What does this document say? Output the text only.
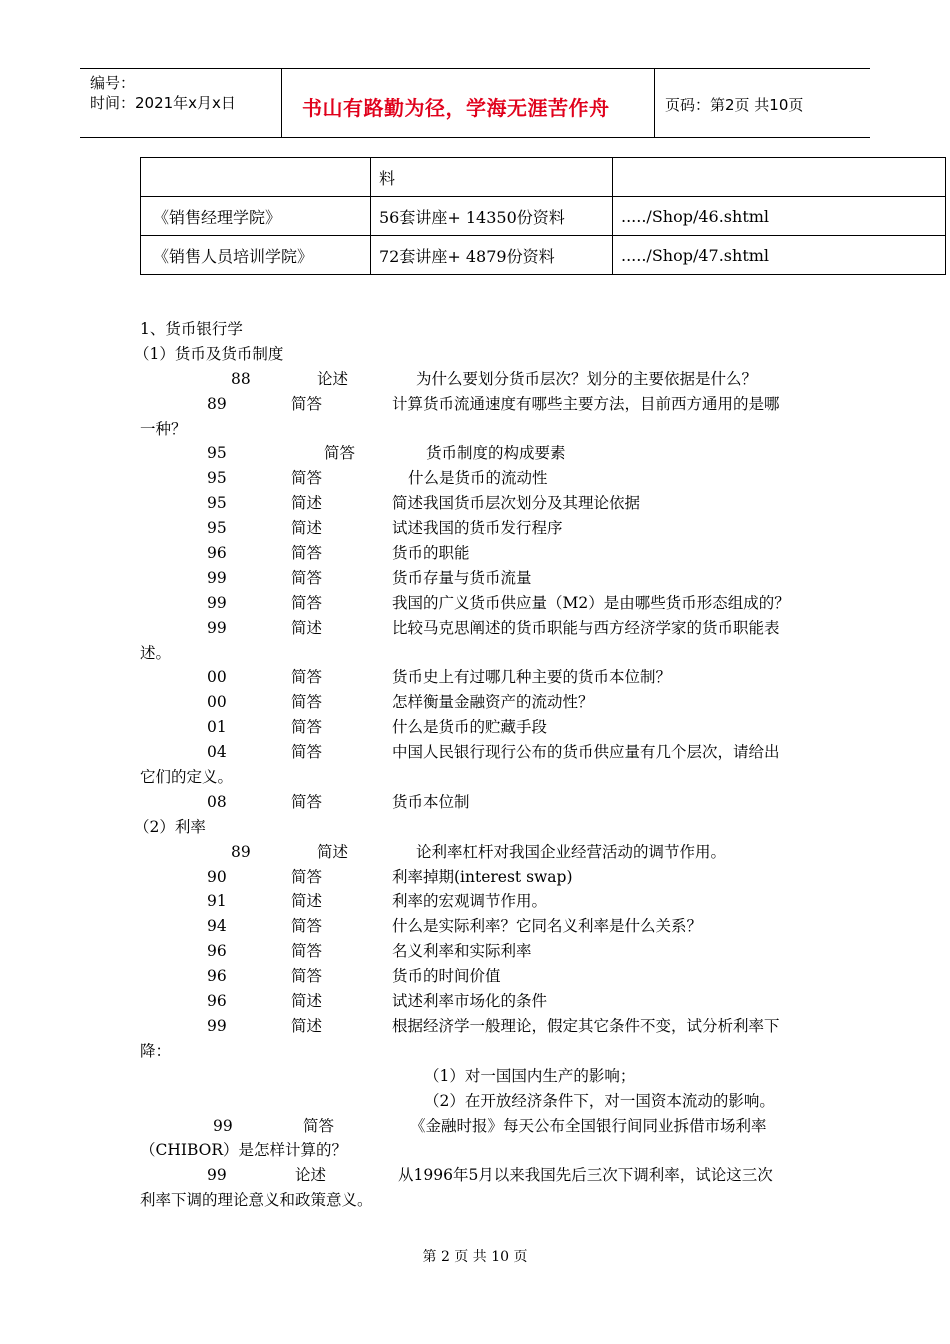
编号：
时间：2021年x月x日	书山有路勤为径，学海无涯苦作舟	页码：第2页 共10页
	料	
《销售经理学院》	56套讲座+ 14350份资料	...../Shop/46.shtml
《销售人员培训学院》	72套讲座+ 4879份资料	...../Shop/47.shtml
1、货币银行学
（1）货币及货币制度
88	论述	为什么要划分货币层次？划分的主要依据是什么？
89	简答	计算货币流通速度有哪些主要方法，目前西方通用的是哪
一种？
95	简答	货币制度的构成要素
95	简答	什么是货币的流动性
95	简述	简述我国货币层次划分及其理论依据
95	简述	试述我国的货币发行程序
96	简答	货币的职能
99	简答	货币存量与货币流量
99	简答	我国的广义货币供应量（M2）是由哪些货币形态组成的？
99	简述	比较马克思阐述的货币职能与西方经济学家的货币职能表
述。
00	简答	货币史上有过哪几种主要的货币本位制？
00	简答	怎样衡量金融资产的流动性？
01	简答	什么是货币的贮藏手段
04	简答	中国人民银行现行公布的货币供应量有几个层次，请给出
它们的定义。
08	简答	货币本位制
（2）利率
89	简述	论利率杠杆对我国企业经营活动的调节作用。
90	简答	利率掉期(interest swap)
91	简述	利率的宏观调节作用。
94	简答	什么是实际利率？它同名义利率是什么关系？
96	简答	名义利率和实际利率
96	简答	货币的时间价值
96	简述	试述利率市场化的条件
99	简述	根据经济学一般理论，假定其它条件不变，试分析利率下
降：
（1）对一国国内生产的影响；
（2）在开放经济条件下，对一国资本流动的影响。
99	简答	《金融时报》每天公布全国银行间同业拆借市场利率
（CHIBOR）是怎样计算的？
99	论述	从1996年5月以来我国先后三次下调利率，试论这三次
利率下调的理论意义和政策意义。
第 2 页 共 10 页
